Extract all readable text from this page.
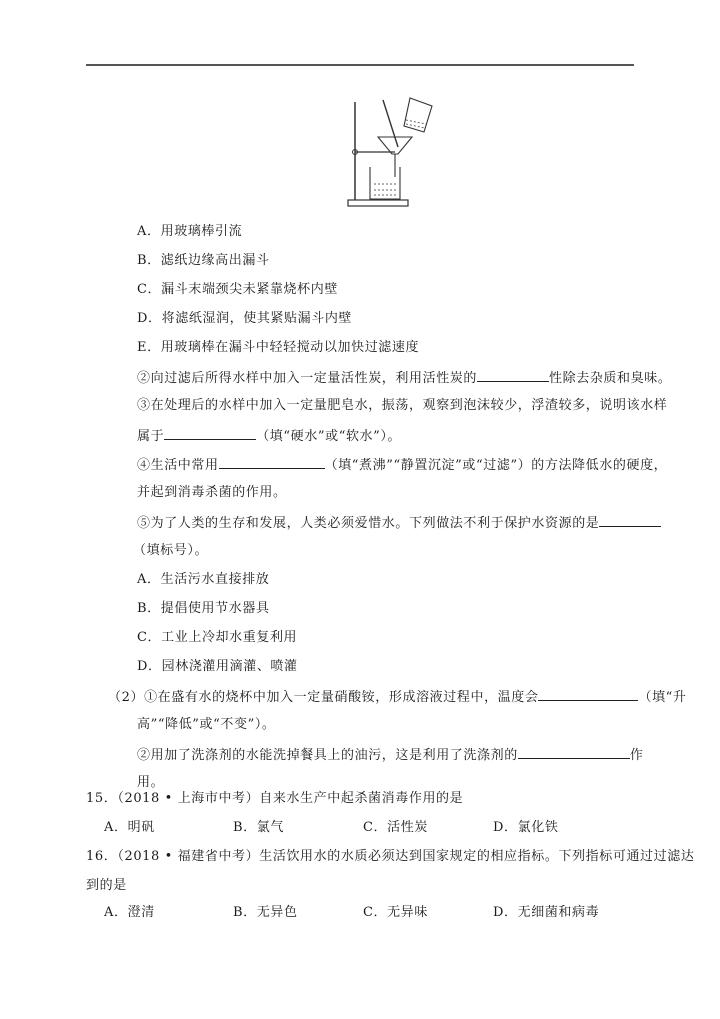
A．用玻璃棒引流
B．滤纸边缘高出漏斗
C．漏斗末端颈尖未紧靠烧杯内壁
D．将滤纸湿润，使其紧贴漏斗内壁
E．用玻璃棒在漏斗中轻轻搅动以加快过滤速度
②向过滤后所得水样中加入一定量活性炭，利用活性炭的	性除去杂质和臭味。
③在处理后的水样中加入一定量肥皂水，振荡，观察到泡沫较少，浮渣较多，说明该水样
属于	（填“硬水”或“软水”）。
④生活中常用	（填“煮沸”“静置沉淀”或“过滤”）的方法降低水的硬度，
并起到消毒杀菌的作用。
⑤为了人类的生存和发展，人类必须爱惜水。下列做法不利于保护水资源的是
（填标号）。
A．生活污水直接排放
B．提倡使用节水器具
C．工业上冷却水重复利用
D．园林浇灌用滴灌、喷灌
（2）①在盛有水的烧杯中加入一定量硝酸铵，形成溶液过程中，温度会	（填“升
高”“降低”或“不变”）。
②用加了洗涤剂的水能洗掉餐具上的油污，这是利用了洗涤剂的	作
用。
15．（2018 • 上海市中考）自来水生产中起杀菌消毒作用的是
A．明矾	B．氯气	C．活性炭	D．氯化铁
16．（2018 • 福建省中考）生活饮用水的水质必须达到国家规定的相应指标。下列指标可通过过滤达
到的是
A．澄清	B．无异色	C．无异味	D．无细菌和病毒
